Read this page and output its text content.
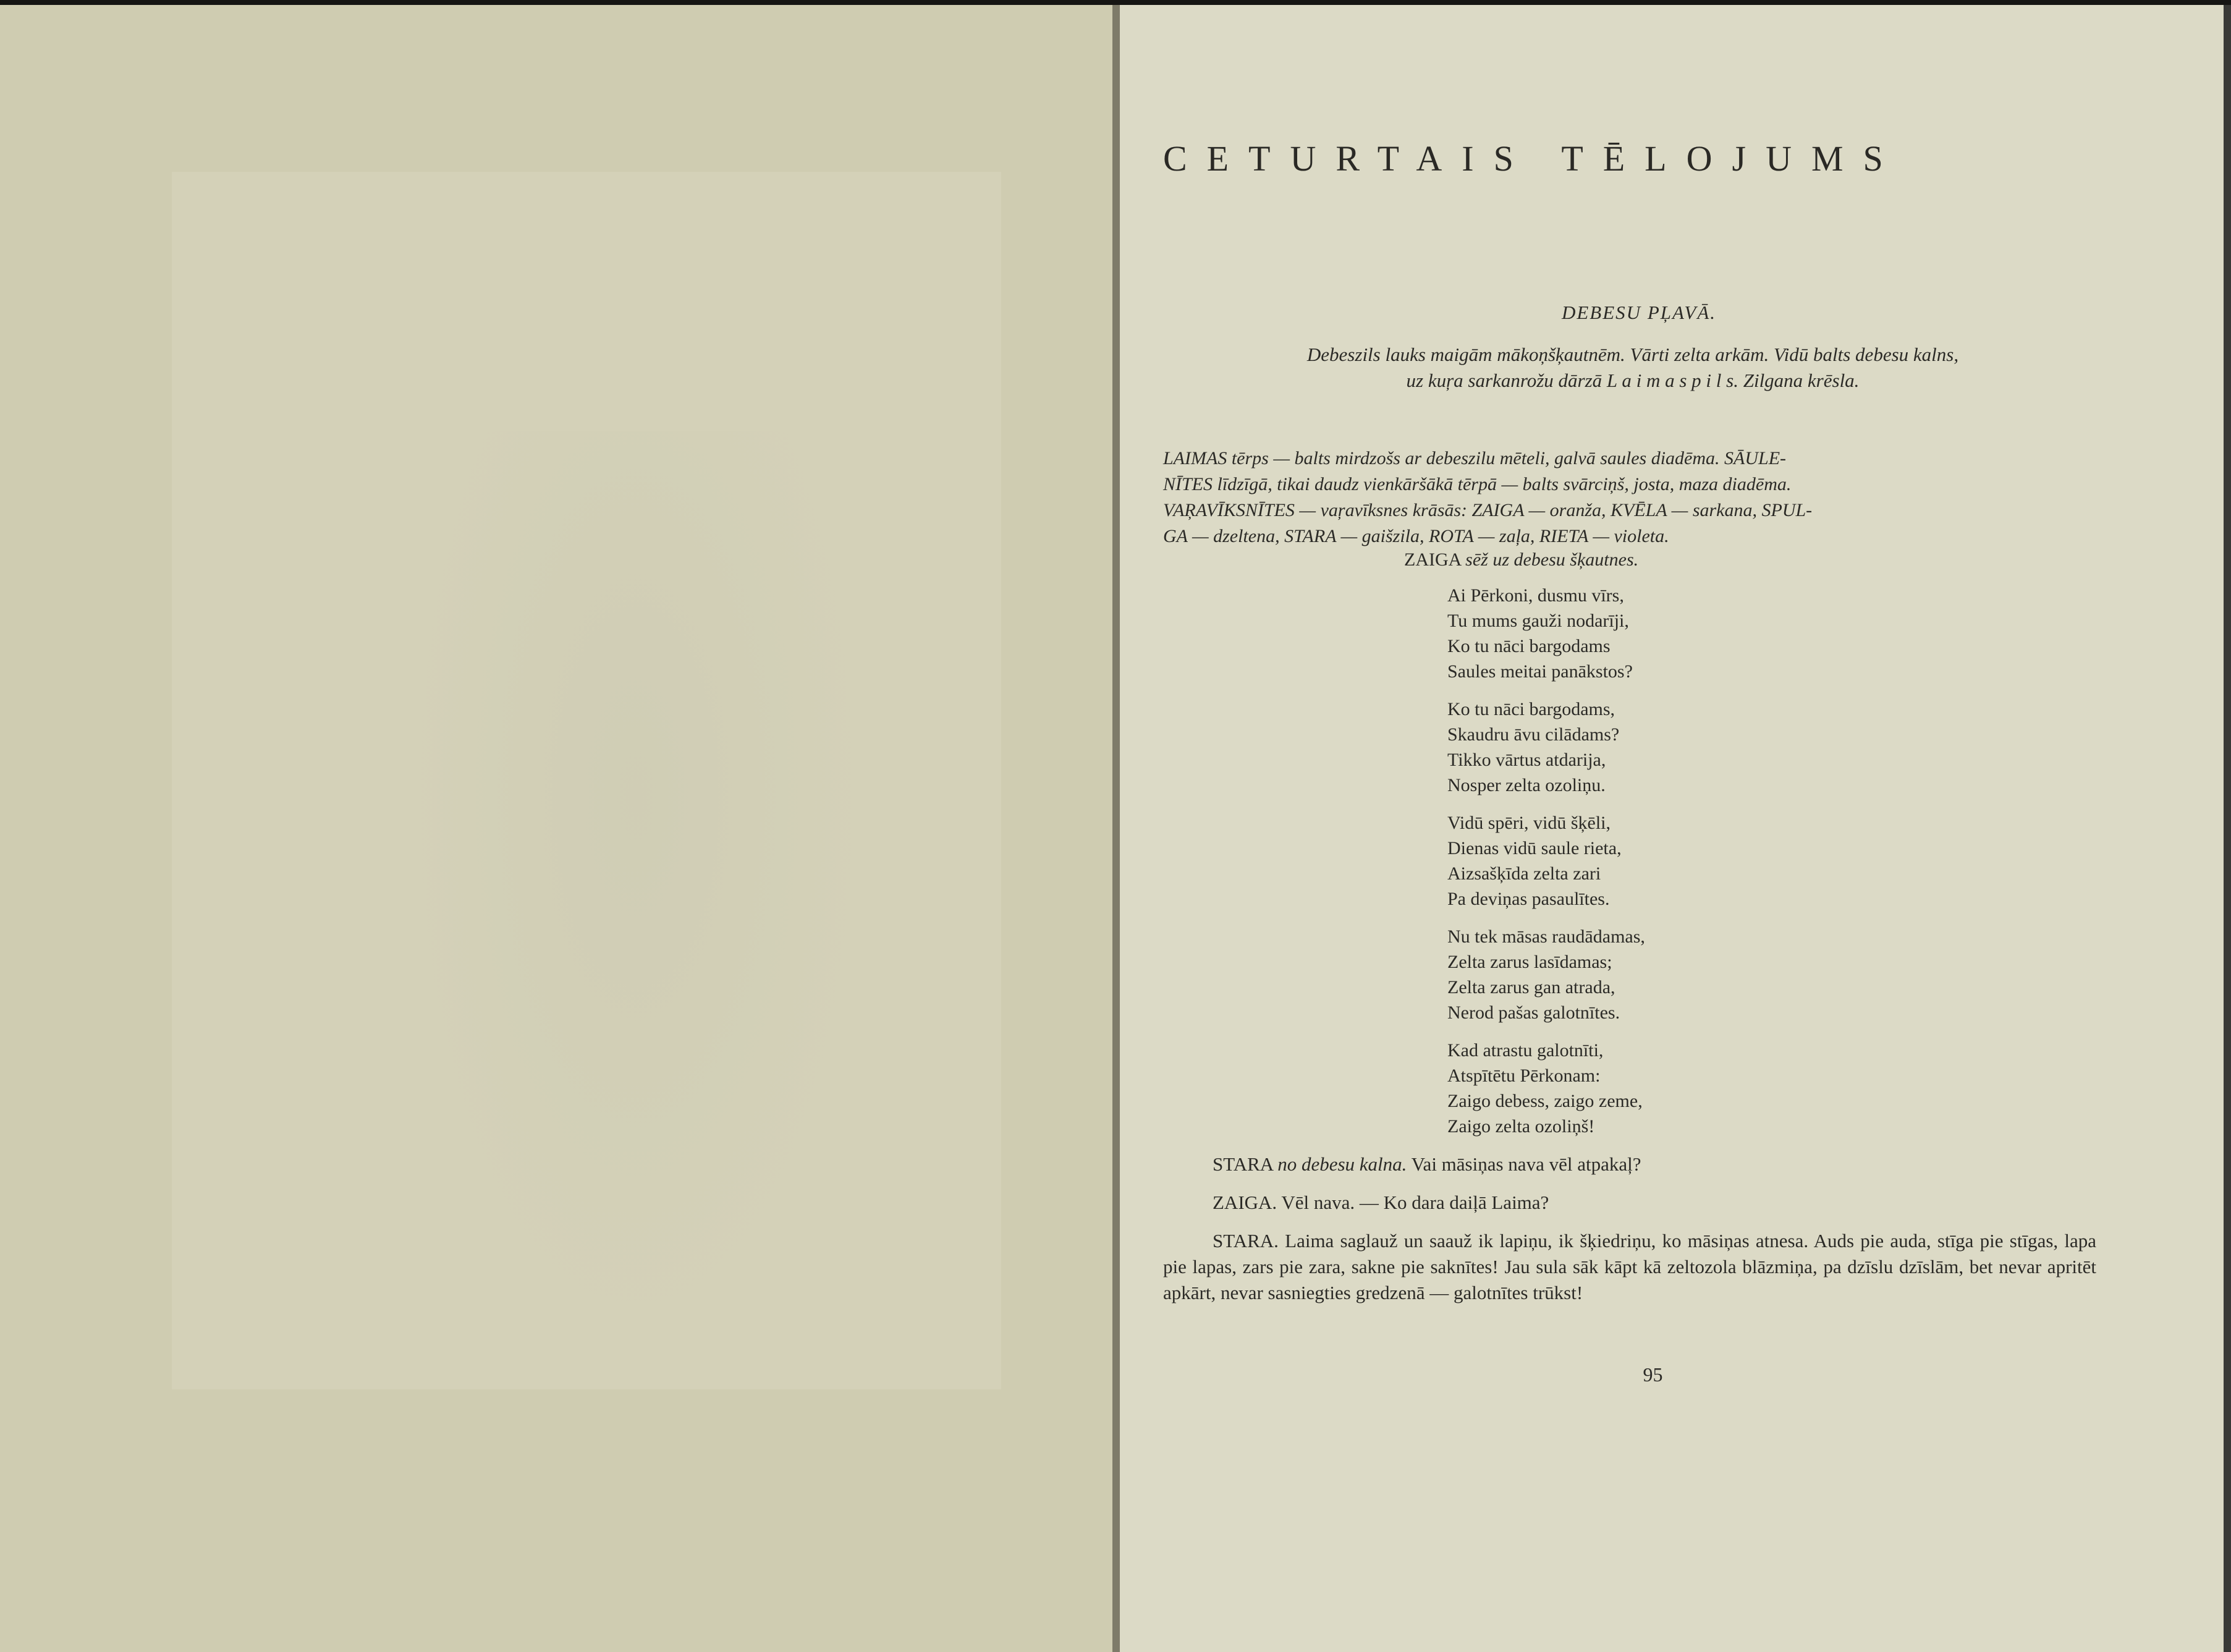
CETURTAIS TĒLOJUMS
DEBESU PĻAVĀ.
Debeszils lauks maigām mākoņšķautnēm. Vārti zelta arkām. Vidū balts debesu kalns,
uz kuŗa sarkanrožu dārzā L a i m a s p i l s. Zilgana krēsla.
LAIMAS tērps — balts mirdzošs ar debeszilu mēteli, galvā saules diadēma. SĀULE-
NĪTES līdzīgā, tikai daudz vienkāršākā tērpā — balts svārciņš, josta, maza diadēma.
VAŖAVĪKSNĪTES — vaŗavīksnes krāsās: ZAIGA — oranža, KVĒLA — sarkana, SPUL-
GA — dzeltena, STARA — gaišzila, ROTA — zaļa, RIETA — violeta.
ZAIGA sēž uz debesu šķautnes.
Ai Pērkoni, dusmu vīrs,
Tu mums gauži nodarīji,
Ko tu nāci bargodams
Saules meitai panākstos?
Ko tu nāci bargodams,
Skaudru āvu cilādams?
Tikko vārtus atdarija,
Nosper zelta ozoliņu.
Vidū spēri, vidū šķēli,
Dienas vidū saule rieta,
Aizsašķīda zelta zari
Pa deviņas pasaulītes.
Nu tek māsas raudādamas,
Zelta zarus lasīdamas;
Zelta zarus gan atrada,
Nerod pašas galotnītes.
Kad atrastu galotnīti,
Atspītētu Pērkonam:
Zaigo debess, zaigo zeme,
Zaigo zelta ozoliņš!

STARA no debesu kalna. Vai māsiņas nava vēl atpakaļ?

ZAIGA. Vēl nava. — Ko dara daiļā Laima?

STARA. Laima saglauž un saauž ik lapiņu, ik šķiedriņu, ko māsiņas atnesa. Auds pie auda, stīga pie stīgas, lapa pie lapas, zars pie zara, sakne pie saknītes! Jau sula sāk kāpt kā zeltozola blāzmiņa, pa dzīslu dzīslām, bet nevar apritēt apkārt, nevar sasniegties gredzenā — galotnītes trūkst!

95
